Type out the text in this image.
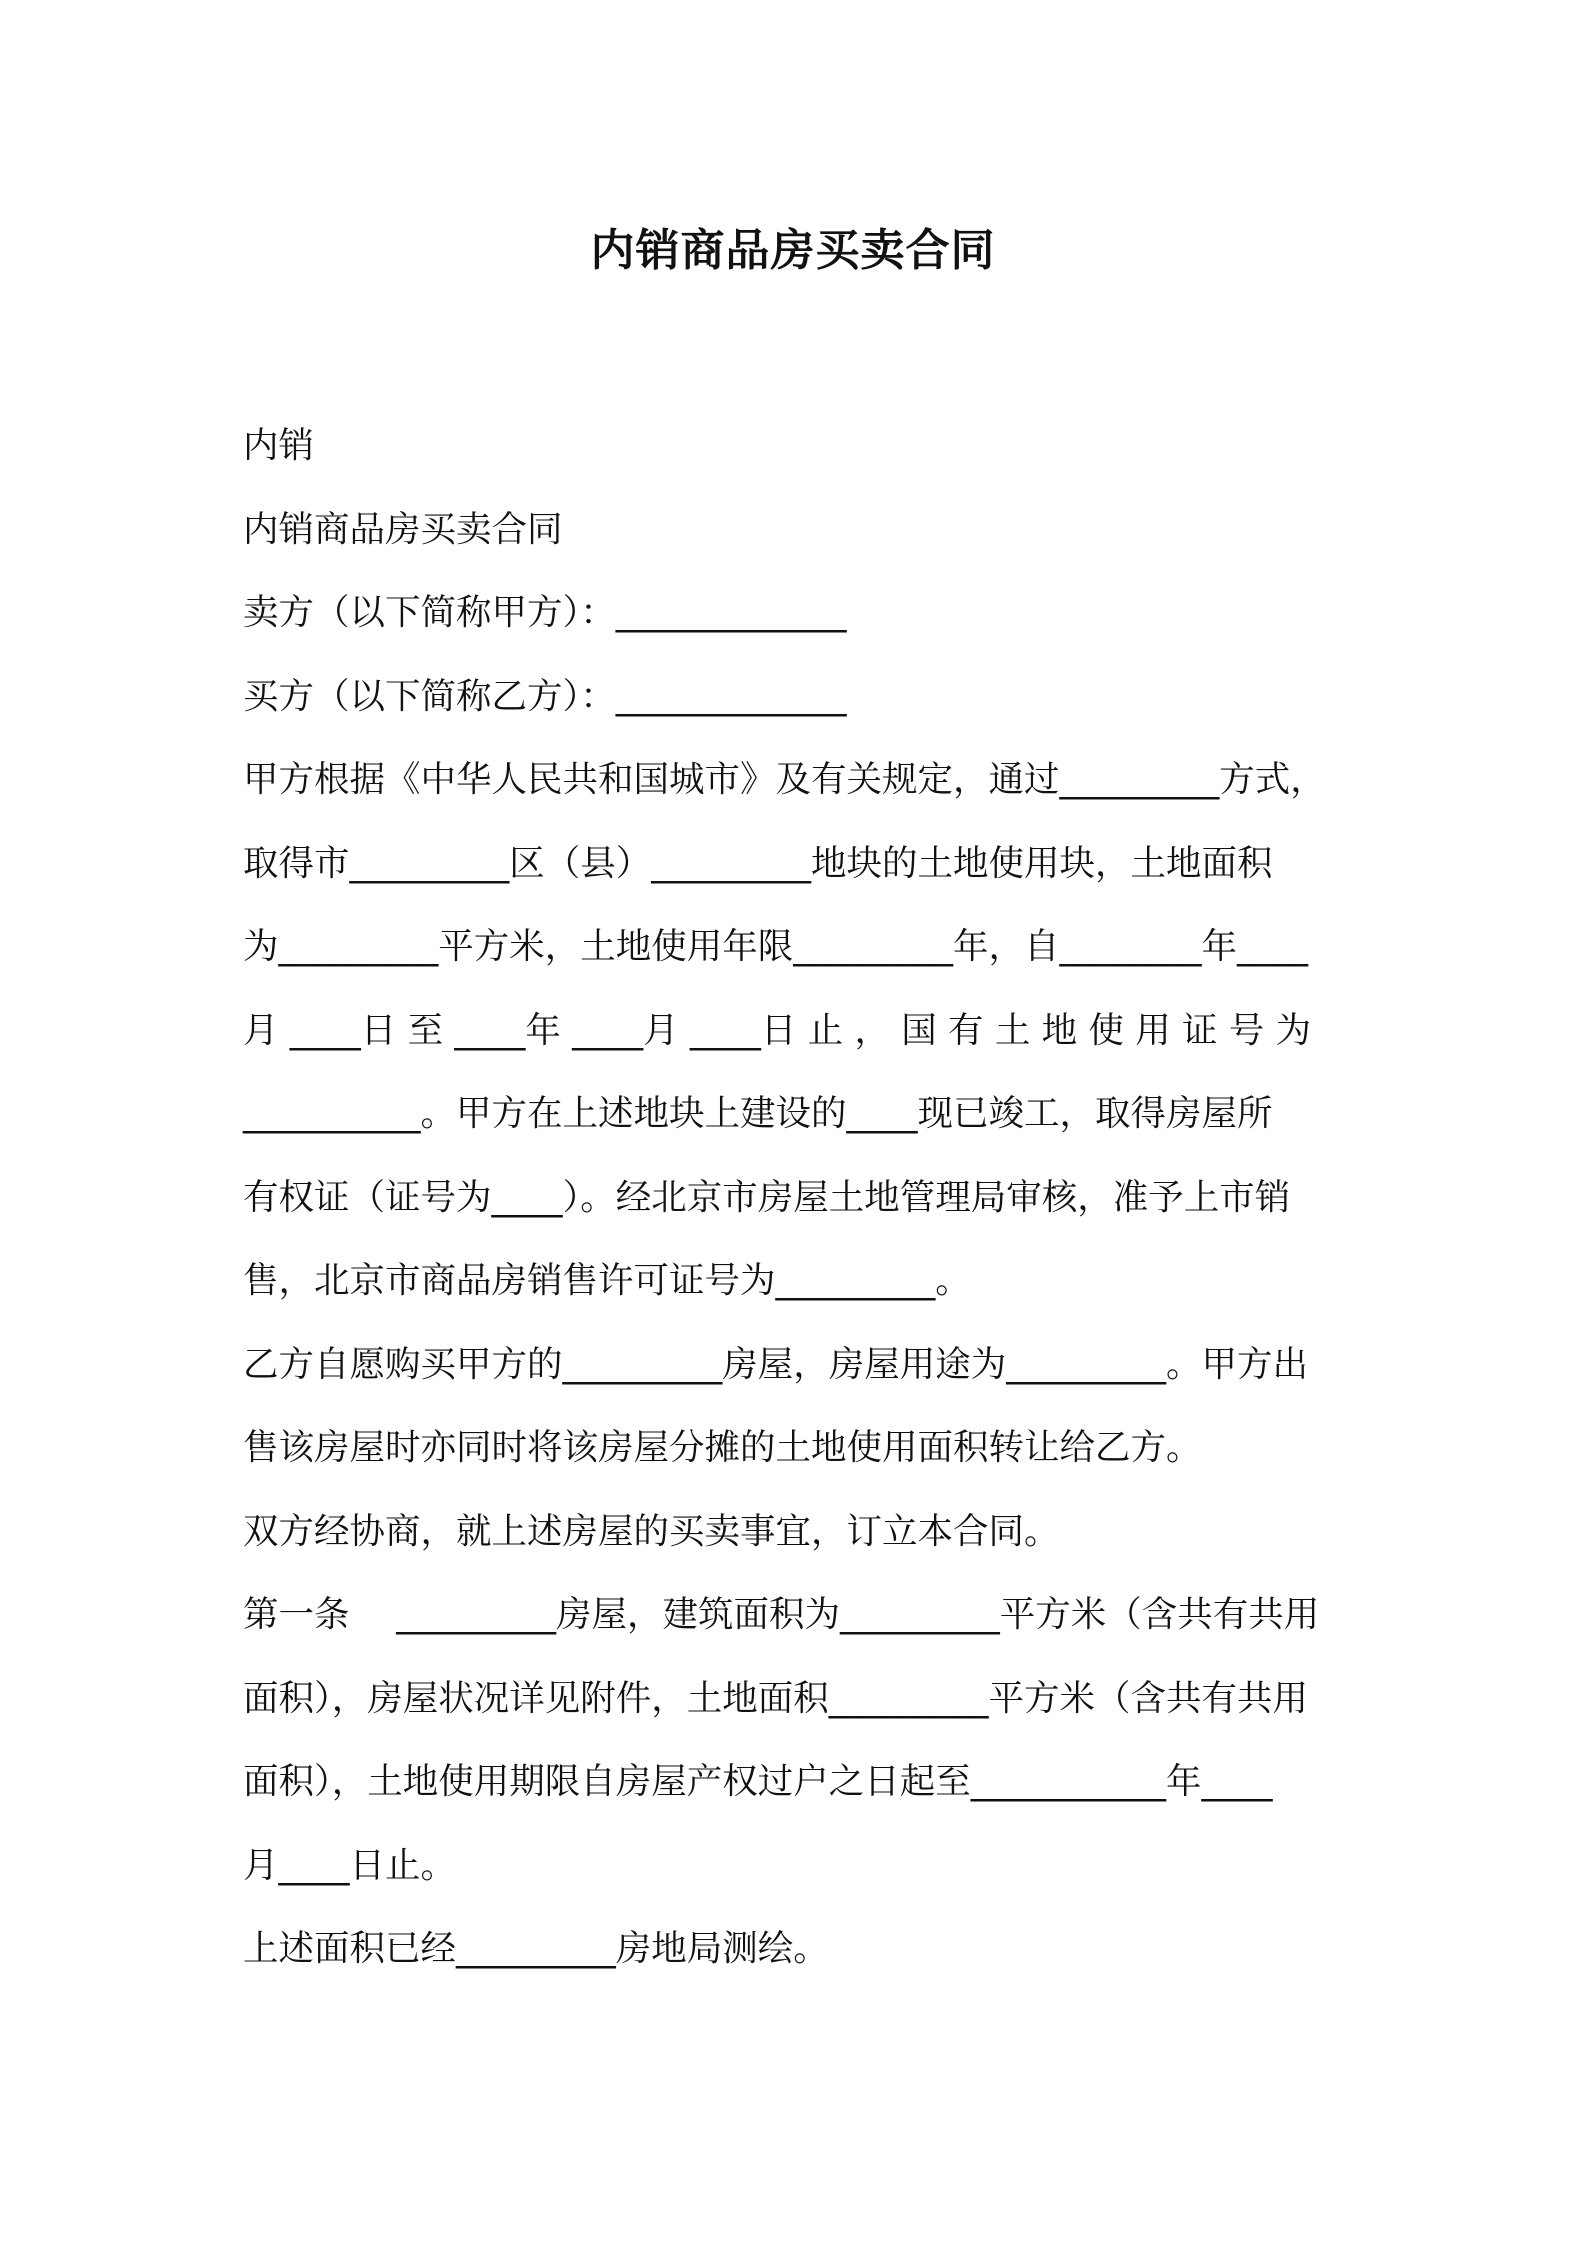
内销商品房买卖合同
内销
内销商品房买卖合同
卖方（以下简称甲方）：_____________
买方（以下简称乙方）：_____________
甲方根据《中华人民共和国城市》及有关规定，通过_________方式，
取得市_________区（县）_________地块的土地使用块，土地面积
为_________平方米，土地使用年限_________年，自________年____
月 ____日 至 ____年 ____月 ____日 止 ， 国 有 土 地 使 用 证 号 为
__________。甲方在上述地块上建设的____现已竣工，取得房屋所
有权证（证号为____）。经北京市房屋土地管理局审核，准予上市销
售，北京市商品房销售许可证号为_________。
乙方自愿购买甲方的_________房屋，房屋用途为_________。甲方出
售该房屋时亦同时将该房屋分摊的土地使用面积转让给乙方。
双方经协商，就上述房屋的买卖事宜，订立本合同。
第一条　 _________房屋，建筑面积为_________平方米（含共有共用
面积），房屋状况详见附件，土地面积_________平方米（含共有共用
面积），土地使用期限自房屋产权过户之日起至___________年____
月____日止。
上述面积已经_________房地局测绘。
